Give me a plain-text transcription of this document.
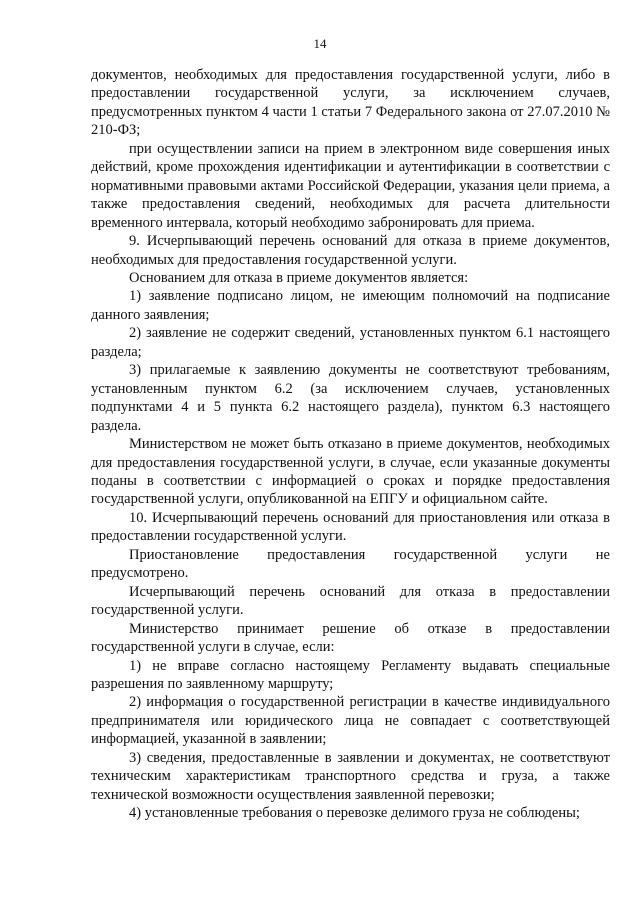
14

документов, необходимых для предоставления государственной услуги, либо в предоставлении государственной услуги, за исключением случаев, предусмотренных пунктом 4 части 1 статьи 7 Федерального закона от 27.07.2010 № 210-ФЗ;

при осуществлении записи на прием в электронном виде совершения иных действий, кроме прохождения идентификации и аутентификации в соответствии с нормативными правовыми актами Российской Федерации, указания цели приема, а также предоставления сведений, необходимых для расчета длительности временного интервала, который необходимо забронировать для приема.

9. Исчерпывающий перечень оснований для отказа в приеме документов, необходимых для предоставления государственной услуги.

Основанием для отказа в приеме документов является:

1) заявление подписано лицом, не имеющим полномочий на подписание данного заявления;

2) заявление не содержит сведений, установленных пунктом 6.1 настоящего раздела;

3) прилагаемые к заявлению документы не соответствуют требованиям, установленным пунктом 6.2 (за исключением случаев, установленных подпунктами 4 и 5 пункта 6.2 настоящего раздела), пунктом 6.3 настоящего раздела.

Министерством не может быть отказано в приеме документов, необходимых для предоставления государственной услуги, в случае, если указанные документы поданы в соответствии с информацией о сроках и порядке предоставления государственной услуги, опубликованной на ЕПГУ и официальном сайте.

10. Исчерпывающий перечень оснований для приостановления или отказа в предоставлении государственной услуги.

Приостановление предоставления государственной услуги не предусмотрено.

Исчерпывающий перечень оснований для отказа в предоставлении государственной услуги.

Министерство принимает решение об отказе в предоставлении государственной услуги в случае, если:

1) не вправе согласно настоящему Регламенту выдавать специальные разрешения по заявленному маршруту;

2) информация о государственной регистрации в качестве индивидуального предпринимателя или юридического лица не совпадает с соответствующей информацией, указанной в заявлении;

3) сведения, предоставленные в заявлении и документах, не соответствуют техническим характеристикам транспортного средства и груза, а также технической возможности осуществления заявленной перевозки;

4) установленные требования о перевозке делимого груза не соблюдены;
